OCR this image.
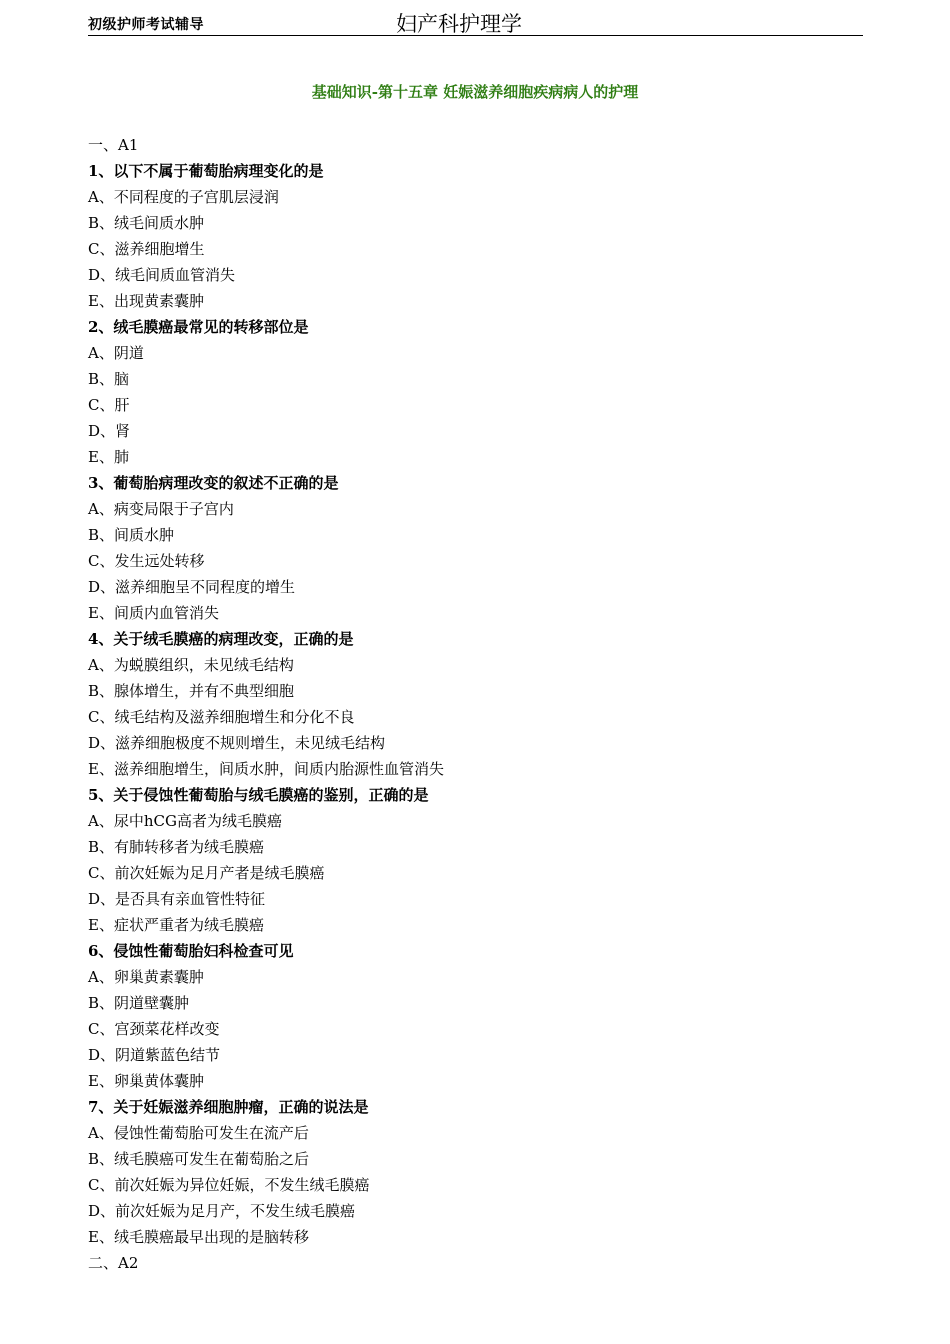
初级护师考试辅导	妇产科护理学
基础知识-第十五章 妊娠滋养细胞疾病病人的护理
一、A1
1、以下不属于葡萄胎病理变化的是
A、不同程度的子宫肌层浸润
B、绒毛间质水肿
C、滋养细胞增生
D、绒毛间质血管消失
E、出现黄素囊肿
2、绒毛膜癌最常见的转移部位是
A、阴道
B、脑
C、肝
D、肾
E、肺
3、葡萄胎病理改变的叙述不正确的是
A、病变局限于子宫内
B、间质水肿
C、发生远处转移
D、滋养细胞呈不同程度的增生
E、间质内血管消失
4、关于绒毛膜癌的病理改变，正确的是
A、为蜕膜组织，未见绒毛结构
B、腺体增生，并有不典型细胞
C、绒毛结构及滋养细胞增生和分化不良
D、滋养细胞极度不规则增生，未见绒毛结构
E、滋养细胞增生，间质水肿，间质内胎源性血管消失
5、关于侵蚀性葡萄胎与绒毛膜癌的鉴别，正确的是
A、尿中hCG高者为绒毛膜癌
B、有肺转移者为绒毛膜癌
C、前次妊娠为足月产者是绒毛膜癌
D、是否具有亲血管性特征
E、症状严重者为绒毛膜癌
6、侵蚀性葡萄胎妇科检查可见
A、卵巢黄素囊肿
B、阴道壁囊肿
C、宫颈菜花样改变
D、阴道紫蓝色结节
E、卵巢黄体囊肿
7、关于妊娠滋养细胞肿瘤，正确的说法是
A、侵蚀性葡萄胎可发生在流产后
B、绒毛膜癌可发生在葡萄胎之后
C、前次妊娠为异位妊娠，不发生绒毛膜癌
D、前次妊娠为足月产，不发生绒毛膜癌
E、绒毛膜癌最早出现的是脑转移
二、A2
